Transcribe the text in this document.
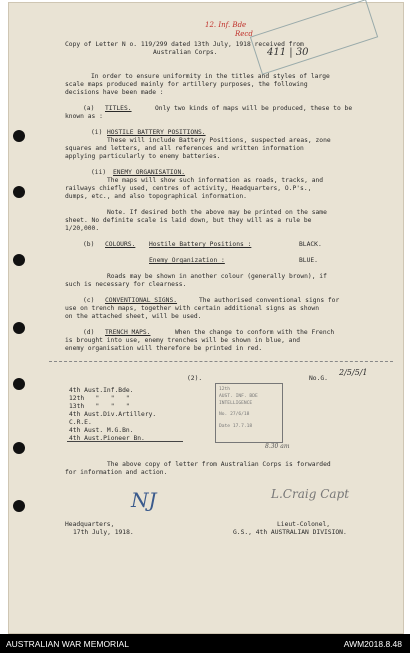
12. Inf. Bde
Recd
411 | 30
Copy of Letter N o. 119/299 dated 13th July, 1918 received from
Australian Corps.
In order to ensure uniformity in the titles and styles of large
scale maps produced mainly for artillery purposes, the following
decisions have been made :
(a) TITLES.	Only two kinds of maps will be produced, these to be
known as :
(i) HOSTILE BATTERY POSITIONS.
These will include Battery Positions, suspected areas, zone
squares and letters, and all references and written information
applying particularly to enemy batteries.
(ii) ENEMY ORGANISATION.
The maps will show such information as roads, tracks, and
railways chiefly used, centres of activity, Headquarters, O.P's.,
dumps, etc., and also topographical information.
Note. If desired both the above may be printed on the same
sheet. No definite scale is laid down, but they will as a rule be
1/20,000.
(b) COLOURS. Hostile Battery Positions :	BLACK.
Enemy Organization :	BLUE.
Roads may be shown in another colour (generally brown), if
such is necessary for clearness.
(c) CONVENTIONAL SIGNS.	The authorised conventional signs for
use on trench maps, together with certain additional signs as shown
on the attached sheet, will be used.
(d) TRENCH MAPS.	When the change to conform with the French
is brought into use, enemy trenches will be shown in blue, and
enemy organisation will therefore be printed in red.
(2).	No.G.
2/5/5/1
4th Aust.Inf.Bde.
12th   "   "   "
13th   "   "   "
4th Aust.Div.Artillery.
C.R.E.
4th Aust. M.G.Bn.
4th Aust.Pioneer Bn.

12th

AUST. INF. BDE

INTELLIGENCE

No. 27/6/18

Date 17.7.18

8.30 am
The above copy of letter from Australian Corps is forwarded
for information and action.
NJ	L.Craig Capt
Headquarters,
17th July, 1918.
Lieut-Colonel,
G.S., 4th AUSTRALIAN DIVISION.
AUSTRALIAN WAR MEMORIAL	AWM2018.8.48
